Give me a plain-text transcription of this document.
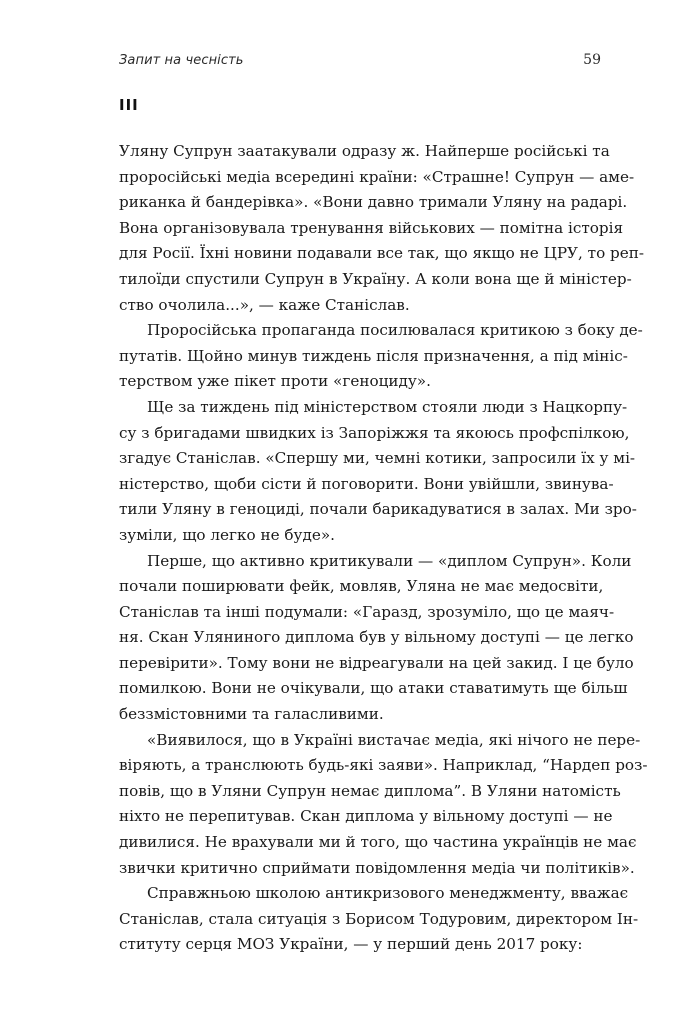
Запит на чесність	59
III
Уляну Супрун заатакували одразу ж. Найперше російські та
проросійські медіа всередині країни: «Страшне! Супрун — аме-
риканка й бандерівка». «Вони давно тримали Уляну на радарі.
Вона організовувала тренування військових — помітна історія
для Росії. Їхні новини подавали все так, що якщо не ЦРУ, то реп-
тилоїди спустили Супрун в Україну. А коли вона ще й міністер-
ство очолила...», — каже Станіслав.
Проросійська пропаганда посилювалася критикою з боку де-
путатів. Щойно минув тиждень після призначення, а під мініс-
терством уже пікет проти «геноциду».
Ще за тиждень під міністерством стояли люди з Нацкорпу-
су з бригадами швидких із Запоріжжя та якоюсь профспілкою,
згадує Станіслав. «Спершу ми, чемні котики, запросили їх у мі-
ністерство, щоби сісти й поговорити. Вони увійшли, звинува-
тили Уляну в геноциді, почали барикадуватися в залах. Ми зро-
зуміли, що легко не буде».
Перше, що активно критикували — «диплом Супрун». Коли
почали поширювати фейк, мовляв, Уляна не має медосвіти,
Станіслав та інші подумали: «Гаразд, зрозуміло, що це маяч-
ня. Скан Уляниного диплома був у вільному доступі — це легко
перевірити». Тому вони не відреагували на цей закид. І це було
помилкою. Вони не очікували, що атаки ставатимуть ще більш
беззмістовними та галасливими.
«Виявилося, що в Україні вистачає медіа, які нічого не пере-
віряють, а транслюють будь-які заяви». Наприклад, “Нардеп роз-
повів, що в Уляни Супрун немає диплома”. В Уляни натомість
ніхто не перепитував. Скан диплома у вільному доступі — не
дивилися. Не врахували ми й того, що частина українців не має
звички критично сприймати повідомлення медіа чи політиків».
Справжньою школою антикризового менеджменту, вважає
Станіслав, стала ситуація з Борисом Тодуровим, директором Ін-
ституту серця МОЗ України, — у перший день 2017 року:
